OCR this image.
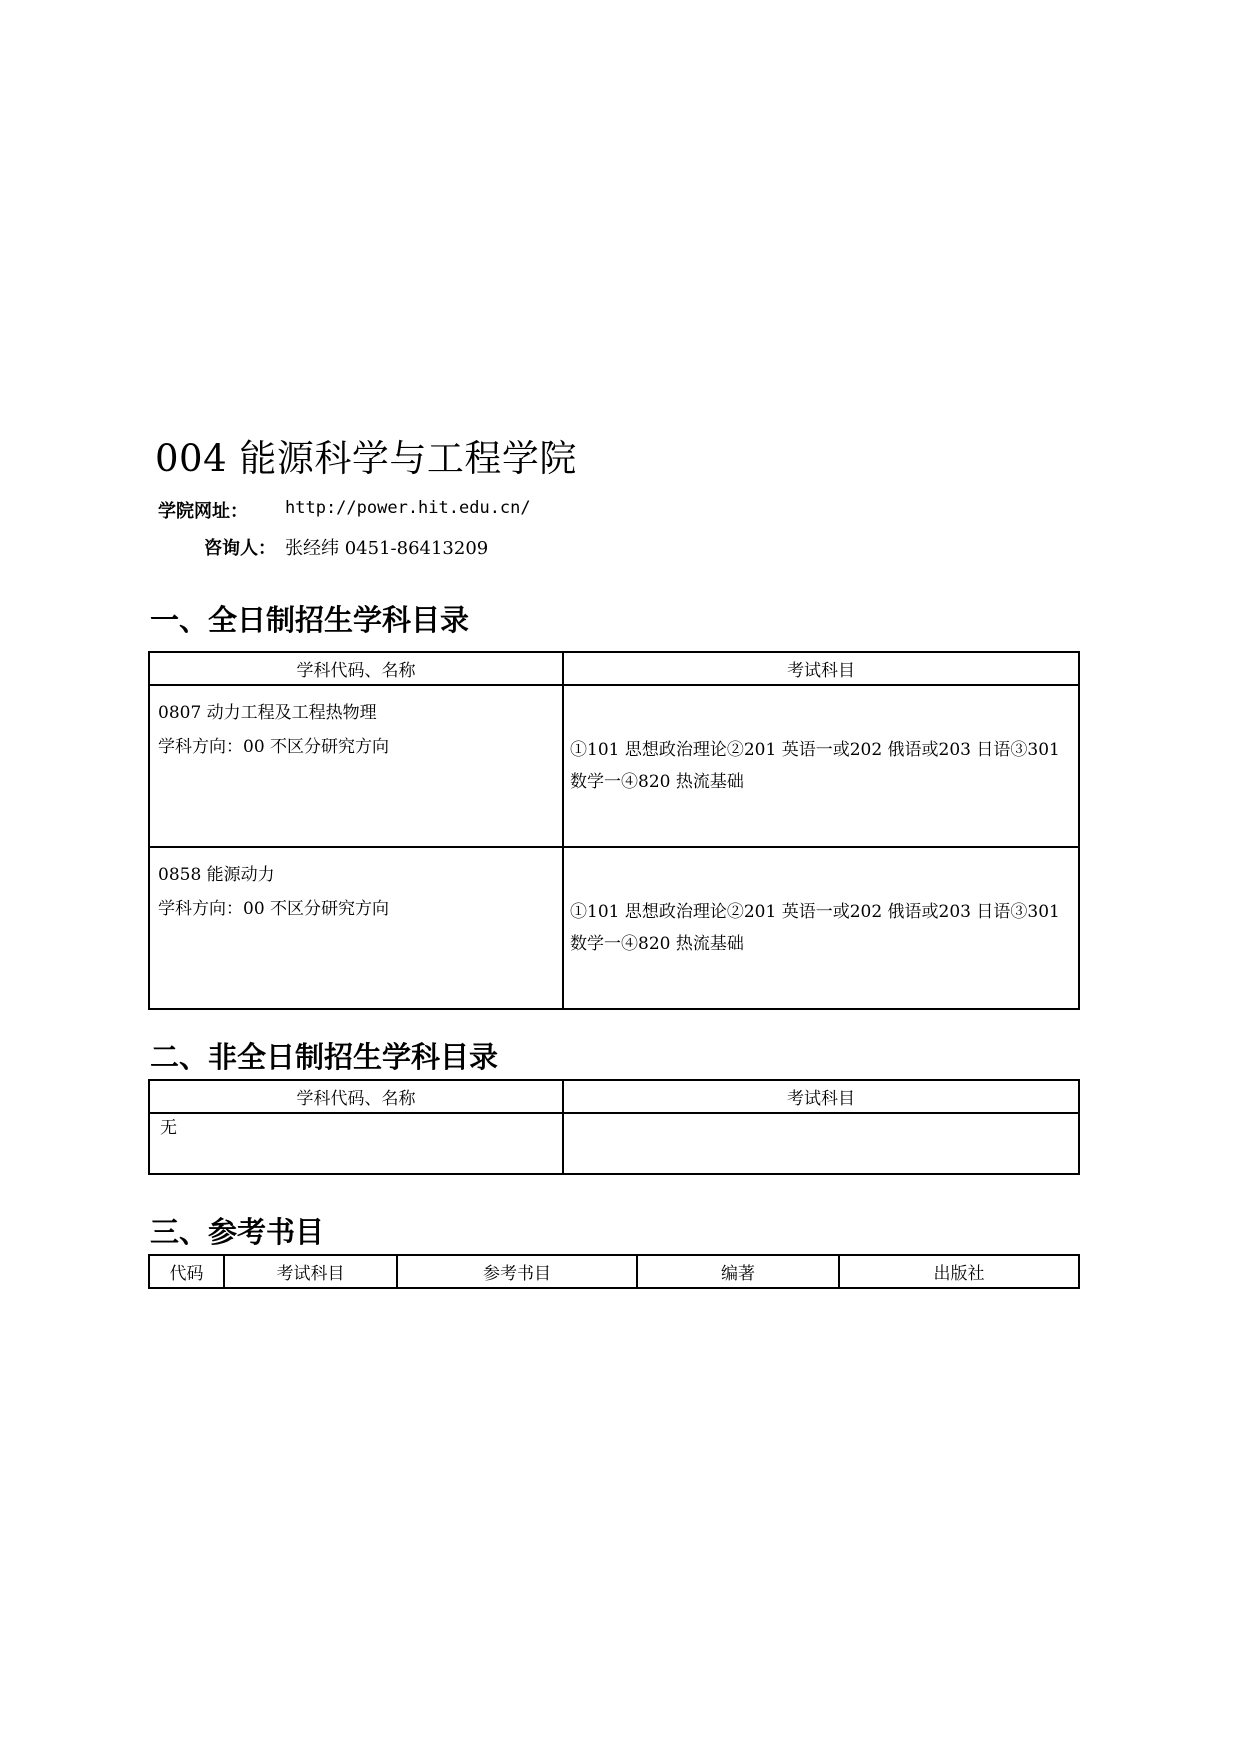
004 能源科学与工程学院
学院网址： http://power.hit.edu.cn/
咨询人： 张经纬 0451-86413209
一、全日制招生学科目录
学科代码、名称	考试科目

0807 动力工程及工程热物理
学科方向：00 不区分研究方向	①101 思想政治理论②201 英语一或202 俄语或203 日语③301 数学一④820 热流基础

0858 能源动力
学科方向：00 不区分研究方向	①101 思想政治理论②201 英语一或202 俄语或203 日语③301 数学一④820 热流基础
二、非全日制招生学科目录
学科代码、名称	考试科目
无	
三、参考书目
代码	考试科目	参考书目	编著	出版社
